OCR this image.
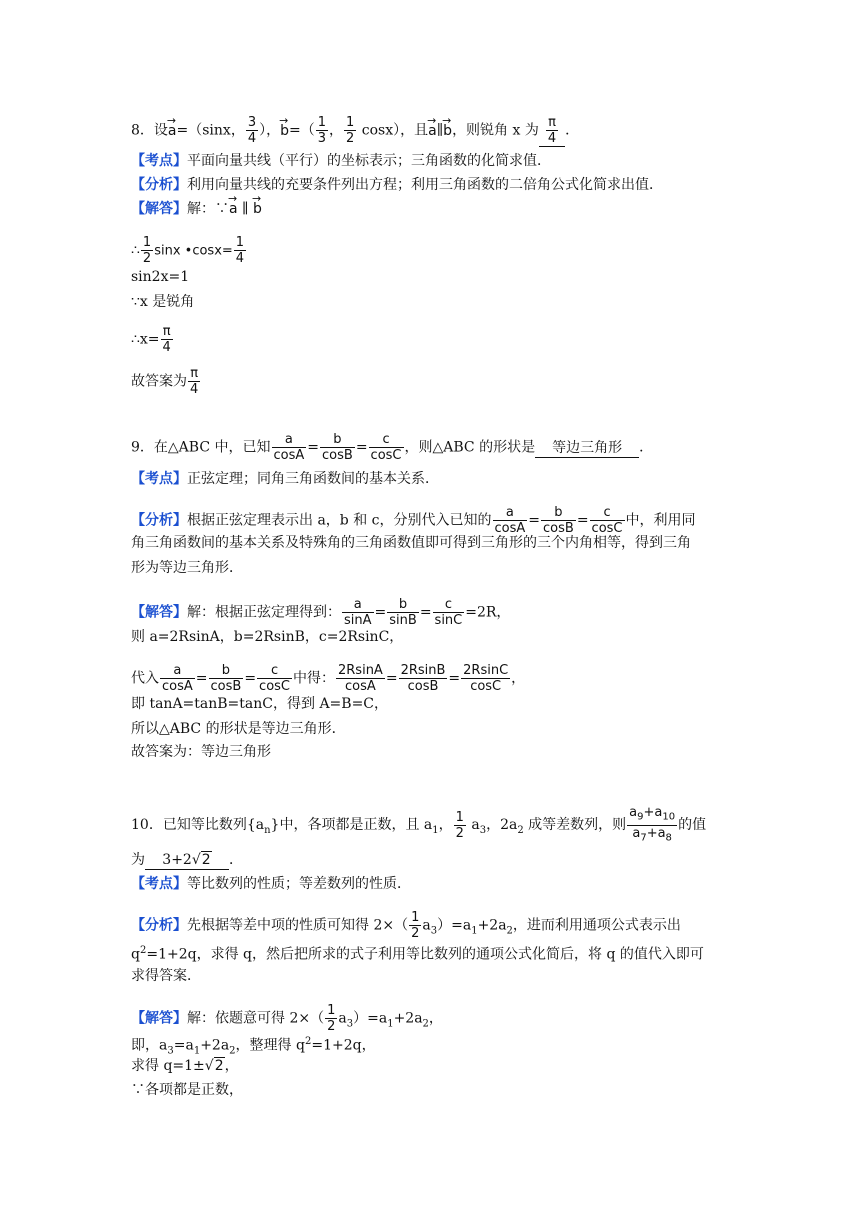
8．设→ a=（sinx， $\frac{3}{4}$ ），→ $b=( \frac{1}{3}$ ， $\frac{1}{2} \cos x$），且→ a∥→ b，则锐角 x 为 $\frac{\pi}{4}$ ．
【考点】平面向量共线（平行）的坐标表示；三角函数的化简求值．
【分析】利用向量共线的充要条件列出方程；利用三角函数的二倍角公式化简求出值．
【解答】解：∵→ a ∥ → b
∴ $\frac{1}{2}$ sinx •cosx= $\frac{1}{4}$
sin2x=1
∵x 是锐角
∴x= $\frac{\pi}{4}$
故答案为 $\frac{\pi}{4}$
9．在△ABC 中，已知 $\frac{a}{\cos A} = \frac{b}{\cos B} = \frac{c}{\cos C}$ ，则△ABC 的形状是 等边三角形 ．
【考点】正弦定理；同角三角函数间的基本关系．
【分析】根据正弦定理表示出 a，b 和 c，分别代入已知的 $\frac{a}{\cos A} = \frac{b}{\cos B} = \frac{c}{\cos C}$ 中，利用同
角三角函数间的基本关系及特殊角的三角函数值即可得到三角形的三个内角相等，得到三角
形为等边三角形．
【解答】解：根据正弦定理得到： $\frac{a}{\sin A} = \frac{b}{\sin B} = \frac{c}{\sin C} =2R$，
则 a=2RsinA，b=2RsinB，c=2RsinC，
代入 $\frac{a}{\cos A} = \frac{b}{\cos B} = \frac{c}{\cos C}$ 中得： $\frac{2RsinA}{\cos A} = \frac{2RsinB}{\cos B} = \frac{2RsinC}{\cos C}$ ，
即 tanA=tanB=tanC，得到 A=B=C，
所以△ABC 的形状是等边三角形．
故答案为：等边三角形
10．已知等比数列$\{a_n\}$中，各项都是正数，且 $a_1$， $\frac{1}{2} a_3$，$2a_2$ 成等差数列，则 $\frac{a_9+a_{10}}{a_7+a_8}$ 的值
为 3+2√2 ．
【考点】等比数列的性质；等差数列的性质．
【分析】先根据等差中项的性质可知得 $2\times( \frac{1}{2} a_3)=a_1+2a_2$，进而利用通项公式表示出
$q^2=1+2q$，求得 q，然后把所求的式子利用等比数列的通项公式化简后，将 q 的值代入即可
求得答案．
【解答】解：依题意可得 $2\times( \frac{1}{2} a_3)=a_1+2a_2$，
即，$a_3=a_1+2a_2$，整理得 $q^2=1+2q$，
求得 q=1±√2，
∵各项都是正数，
